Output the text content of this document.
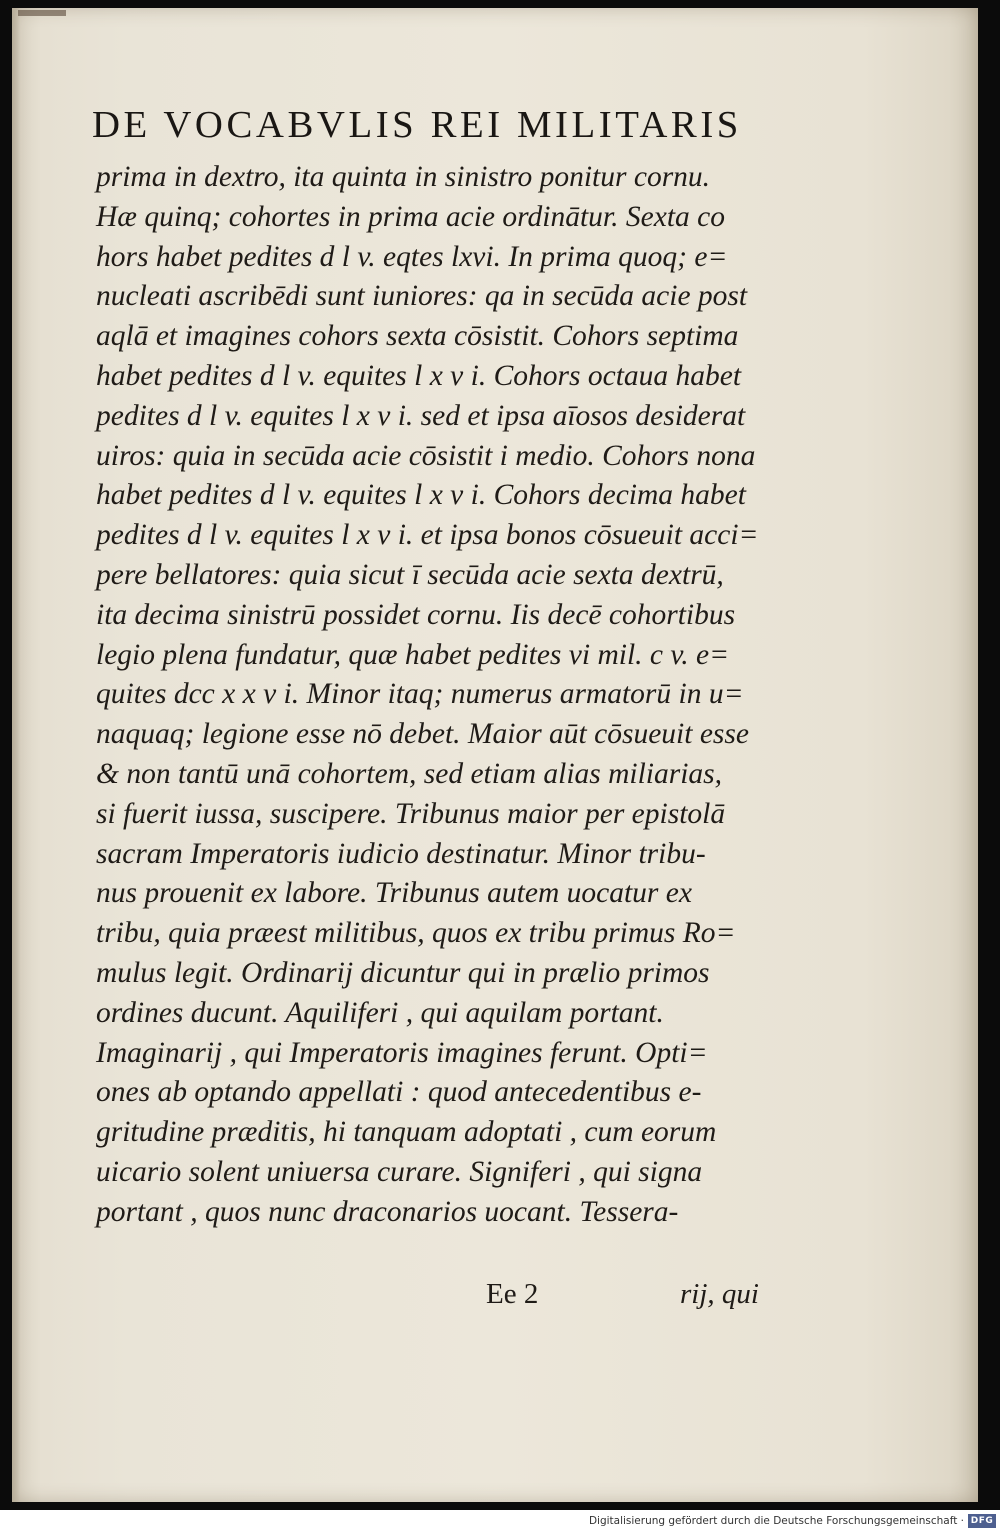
DE VOCABVLIS REI MILITARIS
prima in dextro, ita quinta in sinistro ponitur cornu.
Hæ quinq; cohortes in prima acie ordinātur. Sexta co
hors habet pedites d l v. eqtes lxvi. In prima quoq; e=
nucleati ascribēdi sunt iuniores: qa in secūda acie post
aqlā et imagines cohors sexta cōsistit. Cohors septima
habet pedites d l v. equites l x v i. Cohors octaua habet
pedites d l v. equites l x v i. sed et ipsa aīosos desiderat
uiros: quia in secūda acie cōsistit i medio. Cohors nona
habet pedites d l v. equites l x v i. Cohors decima habet
pedites d l v. equites l x v i. et ipsa bonos cōsueuit acci=
pere bellatores: quia sicut ī secūda acie sexta dextrū,
ita decima sinistrū possidet cornu. Iis decē cohortibus
legio plena fundatur, quæ habet pedites vi mil. c v. e=
quites dcc x x v i. Minor itaq; numerus armatorū in u=
naquaq; legione esse nō debet. Maior aūt cōsueuit esse
& non tantū unā cohortem, sed etiam alias miliarias,
si fuerit iussa, suscipere. Tribunus maior per epistolā
sacram Imperatoris iudicio destinatur. Minor tribu-
nus prouenit ex labore. Tribunus autem uocatur ex
tribu, quia præest militibus, quos ex tribu primus Ro=
mulus legit. Ordinarij dicuntur qui in prælio primos
ordines ducunt. Aquiliferi , qui aquilam portant.
Imaginarij , qui Imperatoris imagines ferunt. Opti=
ones ab optando appellati : quod antecedentibus e-
gritudine præditis, hi tanquam adoptati , cum eorum
uicario solent uniuersa curare. Signiferi , qui signa
portant , quos nunc draconarios uocant. Tessera-
Ee 2	rij, qui
Digitalisierung gefördert durch die Deutsche Forschungsgemeinschaft · DFG
